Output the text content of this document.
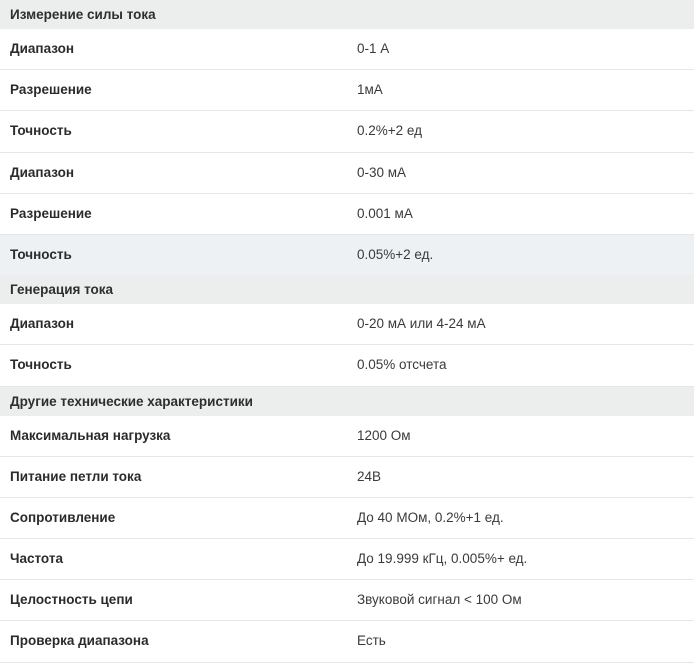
Измерение силы тока	
Диапазон	0-1 А
Разрешение	1мА
Точность	0.2%+2 ед
Диапазон	0-30 мА
Разрешение	0.001 мА
Точность	0.05%+2 ед.
Генерация тока	
Диапазон	0-20 мА или 4-24 мА
Точность	0.05% отсчета
Другие технические характеристики	
Максимальная нагрузка	1200 Ом
Питание петли тока	24В
Сопротивление	До 40 МОм, 0.2%+1 ед.
Частота	До 19.999 кГц, 0.005%+ ед.
Целостность цепи	Звуковой сигнал < 100 Ом
Проверка диапазона	Есть
